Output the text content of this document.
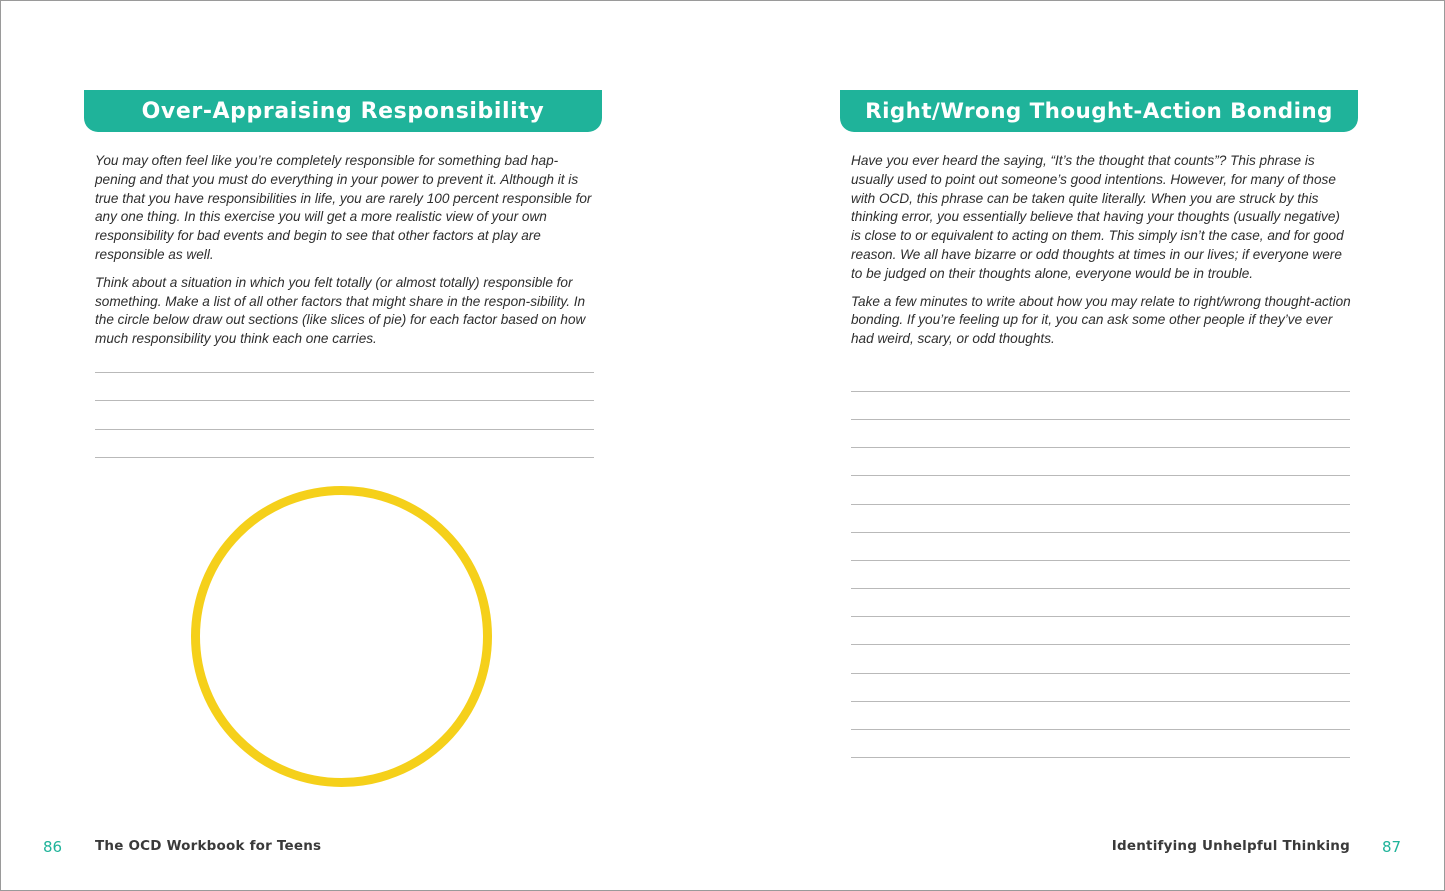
Over-Appraising Responsibility

You may often feel like you’re completely responsible for something bad hap-pening and that you must do everything in your power to prevent it. Although it is true that you have responsibilities in life, you are rarely 100 percent responsible for any one thing. In this exercise you will get a more realistic view of your own responsibility for bad events and begin to see that other factors at play are responsible as well.

Think about a situation in which you felt totally (or almost totally) responsible for something. Make a list of all other factors that might share in the respon-sibility. In the circle below draw out sections (like slices of pie) for each factor based on how much responsibility you think each one carries.

86 The OCD Workbook for Teens
Right/Wrong Thought-Action Bonding

Have you ever heard the saying, “It’s the thought that counts”? This phrase is usually used to point out someone’s good intentions. However, for many of those with OCD, this phrase can be taken quite literally. When you are struck by this thinking error, you essentially believe that having your thoughts (usually negative) is close to or equivalent to acting on them. This simply isn’t the case, and for good reason. We all have bizarre or odd thoughts at times in our lives; if everyone were to be judged on their thoughts alone, everyone would be in trouble.

Take a few minutes to write about how you may relate to right/wrong thought-action bonding. If you’re feeling up for it, you can ask some other people if they’ve ever had weird, scary, or odd thoughts.

Identifying Unhelpful Thinking 87
